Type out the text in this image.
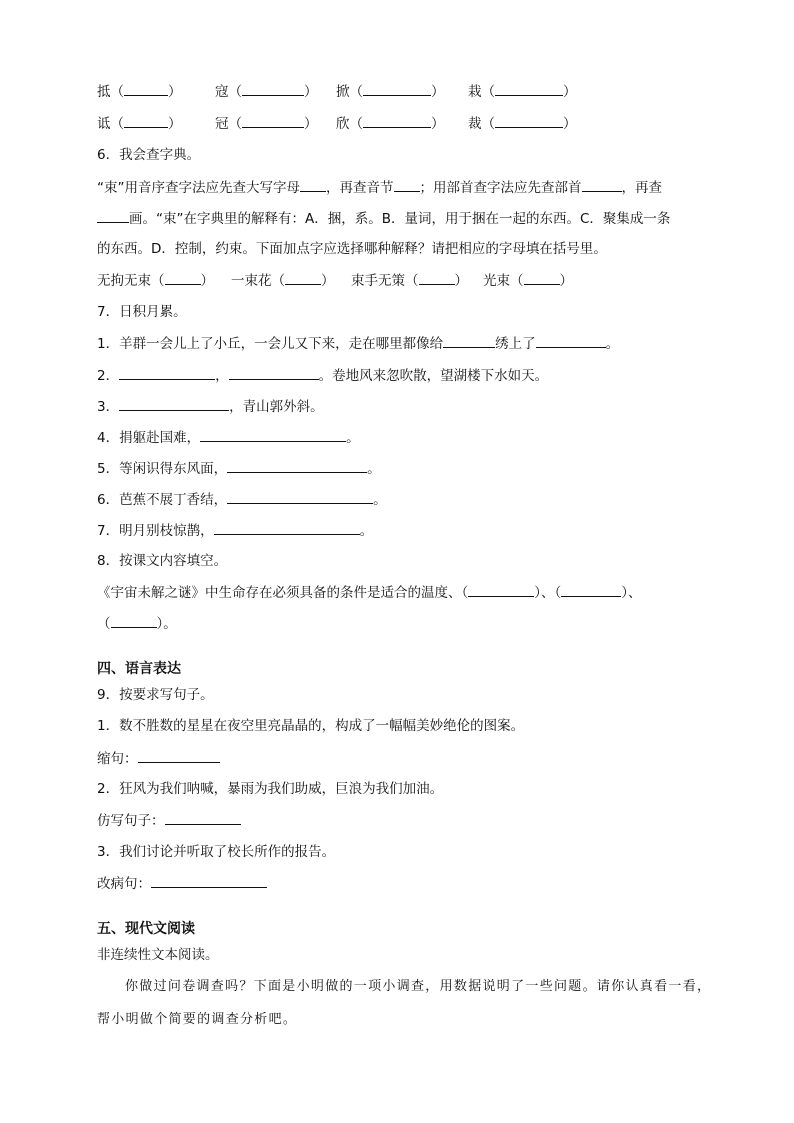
抵（	） 寇（	） 掀（	） 栽（	）
诋（	） 冠（	） 欣（	） 裁（	）
6．我会查字典。
“束”用音序查字法应先查大写字母 ，再查音节 ；用部首查字法应先查部首	，再查
画。“束”在字典里的解释有：A．捆，系。B．量词，用于捆在一起的东西。C．聚集成一条
的东西。D．控制，约束。下面加点字应选择哪种解释？请把相应的字母填在括号里。
无拘无束（	） 一束花（	） 束手无策（	） 光束（	）
7．日积月累。
1．羊群一会儿上了小丘，一会儿又下来，走在哪里都像给	绣上了	。
2．	，	。卷地风来忽吹散，望湖楼下水如天。
3．	，青山郭外斜。
4．捐躯赴国难，	。
5．等闲识得东风面，	。
6．芭蕉不展丁香结，	。
7．明月别枝惊鹊，	。
8．按课文内容填空。
《宇宙未解之谜》中生命存在必须具备的条件是适合的温度、（	）、（	）、
（	）。
四、语言表达
9．按要求写句子。
1．数不胜数的星星在夜空里亮晶晶的，构成了一幅幅美妙绝伦的图案。
缩句：
2．狂风为我们呐喊，暴雨为我们助威，巨浪为我们加油。
仿写句子：
3．我们讨论并听取了校长所作的报告。
改病句：
五、现代文阅读
非连续性文本阅读。
你做过问卷调查吗？下面是小明做的一项小调查，用数据说明了一些问题。请你认真看一看，
帮小明做个简要的调查分析吧。
